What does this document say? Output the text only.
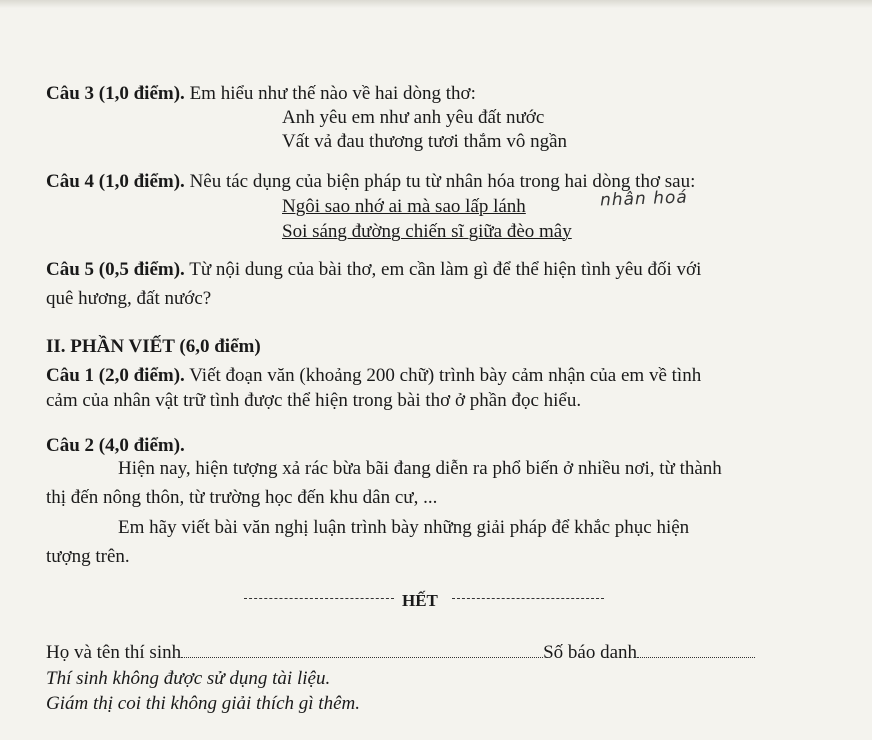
Câu 3 (1,0 điểm). Em hiểu như thế nào về hai dòng thơ:
Anh yêu em như anh yêu đất nước
Vất vả đau thương tươi thắm vô ngần
Câu 4 (1,0 điểm). Nêu tác dụng của biện pháp tu từ nhân hóa trong hai dòng thơ sau:
Ngôi sao nhớ ai mà sao lấp lánh	nhân hoá
Soi sáng đường chiến sĩ giữa đèo mây
Câu 5 (0,5 điểm). Từ nội dung của bài thơ, em cần làm gì để thể hiện tình yêu đối với
quê hương, đất nước?
II. PHẦN VIẾT (6,0 điểm)
Câu 1 (2,0 điểm). Viết đoạn văn (khoảng 200 chữ) trình bày cảm nhận của em về tình
cảm của nhân vật trữ tình được thể hiện trong bài thơ ở phần đọc hiểu.
Câu 2 (4,0 điểm).
Hiện nay, hiện tượng xả rác bừa bãi đang diễn ra phổ biến ở nhiều nơi, từ thành
thị đến nông thôn, từ trường học đến khu dân cư, ...
Em hãy viết bài văn nghị luận trình bày những giải pháp để khắc phục hiện
tượng trên.
HẾT
Họ và tên thí sinh	Số báo danh
Thí sinh không được sử dụng tài liệu.
Giám thị coi thi không giải thích gì thêm.
